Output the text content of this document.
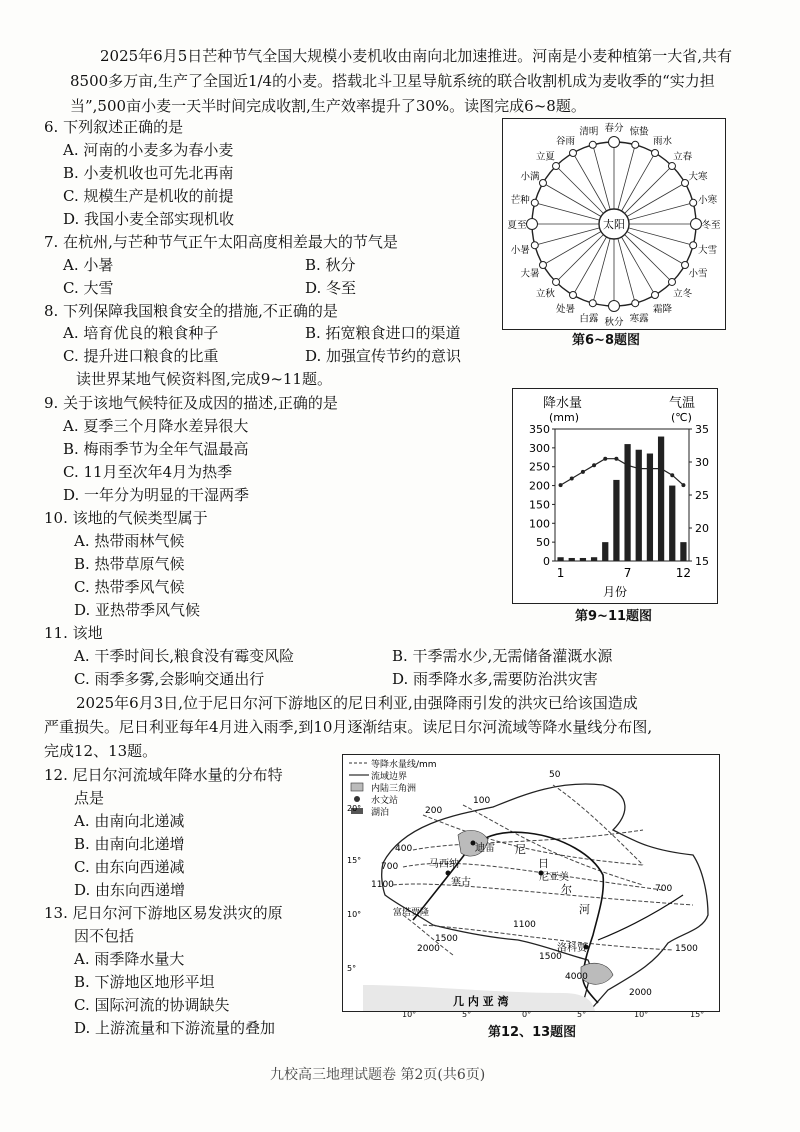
2025年6月5日芒种节气全国大规模小麦机收由南向北加速推进。河南是小麦种植第一大省,共有8500多万亩,生产了全国近1/4的小麦。搭载北斗卫星导航系统的联合收割机成为麦收季的“实力担当”,500亩小麦一天半时间完成收割,生产效率提升了30%。读图完成6~8题。
6. 下列叙述正确的是
A. 河南的小麦多为春小麦
B. 小麦机收也可先北再南
C. 规模生产是机收的前提
D. 我国小麦全部实现机收
7. 在杭州,与芒种节气正午太阳高度相差最大的节气是
A. 小暑	B. 秋分
C. 大雪	D. 冬至
8. 下列保障我国粮食安全的措施,不正确的是
A. 培育优良的粮食种子	B. 拓宽粮食进口的渠道
C. 提升进口粮食的比重	D. 加强宣传节约的意识
读世界某地气候资料图,完成9~11题。
9. 关于该地气候特征及成因的描述,正确的是
A. 夏季三个月降水差异很大
B. 梅雨季节为全年气温最高
C. 11月至次年4月为热季
D. 一年分为明显的干湿两季
10. 该地的气候类型属于
A. 热带雨林气候
B. 热带草原气候
C. 热带季风气候
D. 亚热带季风气候
11. 该地
A. 干季时间长,粮食没有霉变风险	B. 干季需水少,无需储备灌溉水源
C. 雨季多雾,会影响交通出行	D. 雨季降水多,需要防治洪灾害
2025年6月3日,位于尼日尔河下游地区的尼日利亚,由强降雨引发的洪灾已给该国造成
严重损失。尼日利亚每年4月进入雨季,到10月逐渐结束。读尼日尔河流域等降水量线分布图,
完成12、13题。
12. 尼日尔河流域年降水量的分布特
点是
A. 由南向北递减
B. 由南向北递增
C. 由东向西递减
D. 由东向西递增
13. 尼日尔河下游地区易发洪灾的原
因不包括
A. 雨季降水量大
B. 下游地区地形平坦
C. 国际河流的协调缺失
D. 上游流量和下游流量的叠加
太阳
春分 惊蛰
雨水
立春
大寒
小寒
冬至
大雪
小雪
立冬
霜降
寒露
秋分
白露
处暑
立秋
大暑
小暑
夏至
芒种
小满
立夏
谷雨
清明
第6~8题图
降水量
(mm)
气温
(℃)
月份
350
300
250
200
150
100
50
0
35
30
25
20
15
1	7	12
第9~11题图
等降水量线/mm
流域边界
内陆三角洲
水文站
湖泊
几 内 亚 湾
尼
日
尼亚美
尔
河
洛科贾
马西纳
迪雷
塞古
富塔贾隆
50
100
200
400
700
1100
1500
2000
1500
2000
4000
1100
700
1500
20°
15°
10°
5°
10°	5°	0°	5°	10°	15°
第12、13题图
九校高三地理试题卷 第2页(共6页)
